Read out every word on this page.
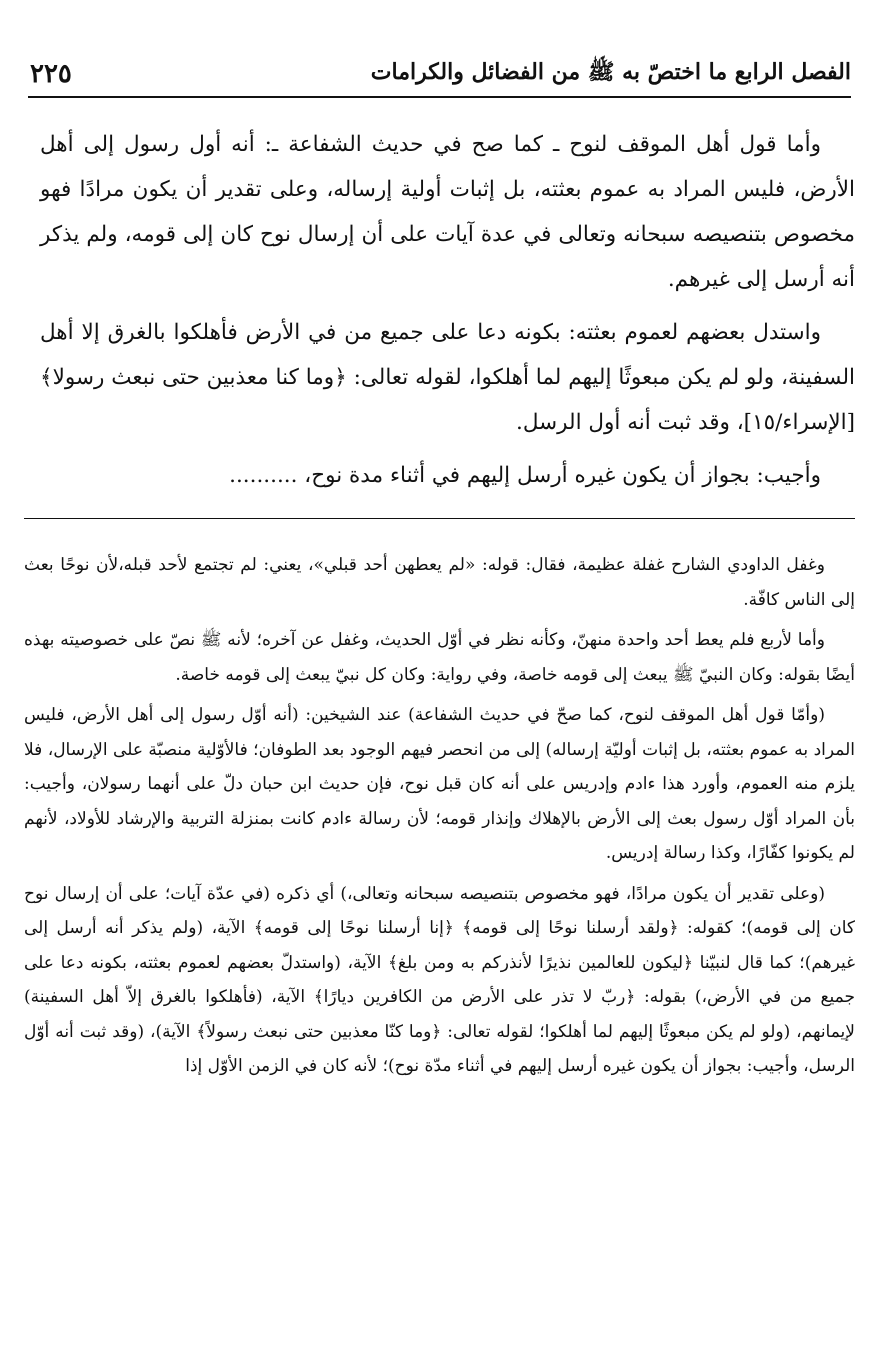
٢٢٥	الفصل الرابع ما اختصّ به ﷺ من الفضائل والكرامات

وأما قول أهل الموقف لنوح ـ كما صح في حديث الشفاعة ـ: أنه أول رسول إلى أهل الأرض، فليس المراد به عموم بعثته، بل إثبات أولية إرساله، وعلى تقدير أن يكون مرادًا فهو مخصوص بتنصيصه سبحانه وتعالى في عدة آيات على أن إرسال نوح كان إلى قومه، ولم يذكر أنه أرسل إلى غيرهم.

واستدل بعضهم لعموم بعثته: بكونه دعا على جميع من في الأرض فأهلكوا بالغرق إلا أهل السفينة، ولو لم يكن مبعوثًا إليهم لما أهلكوا، لقوله تعالى: ﴿وما كنا معذبين حتى نبعث رسولا﴾ [الإسراء/١٥]، وقد ثبت أنه أول الرسل.

وأجيب: بجواز أن يكون غيره أرسل إليهم في أثناء مدة نوح، ..........

وغفل الداودي الشارح غفلة عظيمة، فقال: قوله: «لم يعطهن أحد قبلي»، يعني: لم تجتمع لأحد قبله،لأن نوحًا بعث إلى الناس كافّة.

وأما لأربع فلم يعط أحد واحدة منهنّ، وكأنه نظر في أوّل الحديث، وغفل عن آخره؛ لأنه ﷺ نصّ على خصوصيته بهذه أيضًا بقوله: وكان النبيّ ﷺ يبعث إلى قومه خاصة، وفي رواية: وكان كل نبيّ يبعث إلى قومه خاصة.

(وأمّا قول أهل الموقف لنوح، كما صحّ في حديث الشفاعة) عند الشيخين: (أنه أوّل رسول إلى أهل الأرض، فليس المراد به عموم بعثته، بل إثبات أوليّة إرساله) إلى من انحصر فيهم الوجود بعد الطوفان؛ فالأوّلية منصبّة على الإرسال، فلا يلزم منه العموم، وأورد هذا ءادم وإدريس على أنه كان قبل نوح، فإن حديث ابن حبان دلّ على أنهما رسولان، وأجيب: بأن المراد أوّل رسول بعث إلى الأرض بالإهلاك وإنذار قومه؛ لأن رسالة ءادم كانت بمنزلة التربية والإرشاد للأولاد، لأنهم لم يكونوا كفّارًا، وكذا رسالة إدريس.

(وعلى تقدير أن يكون مرادًا، فهو مخصوص بتنصيصه سبحانه وتعالى،) أي ذكره (في عدّة آيات؛ على أن إرسال نوح كان إلى قومه)؛ كقوله: ﴿ولقد أرسلنا نوحًا إلى قومه﴾ ﴿إنا أرسلنا نوحًا إلى قومه﴾ الآية، (ولم يذكر أنه أرسل إلى غيرهم)؛ كما قال لنبيّنا ﴿ليكون للعالمين نذيرًا لأنذركم به ومن بلغ﴾ الآية، (واستدلّ بعضهم لعموم بعثته، بكونه دعا على جميع من في الأرض،) بقوله: ﴿ربّ لا تذر على الأرض من الكافرين ديارًا﴾ الآية، (فأهلكوا بالغرق إلاّ أهل السفينة) لإيمانهم، (ولو لم يكن مبعوثًا إليهم لما أهلكوا؛ لقوله تعالى: ﴿وما كنّا معذبين حتى نبعث رسولاً﴾ الآية)، (وقد ثبت أنه أوّل الرسل، وأجيب: بجواز أن يكون غيره أرسل إليهم في أثناء مدّة نوح)؛ لأنه كان في الزمن الأوّل إذا
